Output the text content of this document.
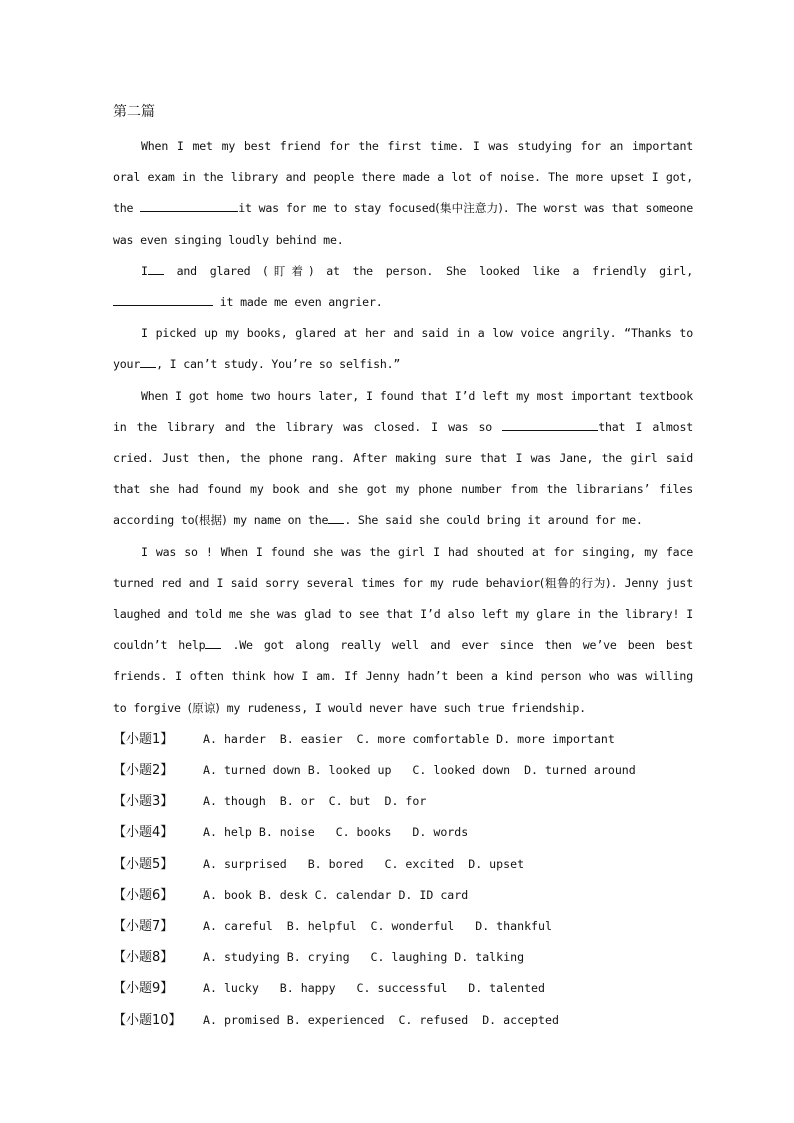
第二篇

When I met my best friend for the first time. I was studying for an important oral exam in the library and people there made a lot of noise. The more upset I got, the	it was for me to stay focused(集中注意力). The worst was that someone was even singing loudly behind me.

I and glared (盯着) at the person. She looked like a friendly girl, it made me even angrier.

I picked up my books, glared at her and said in a low voice angrily. “Thanks to your , I can’t study. You’re so selfish.”

When I got home two hours later, I found that I’d left my most important textbook in the library and the library was closed. I was so	that I almost cried. Just then, the phone rang. After making sure that I was Jane, the girl said that she had found my book and she got my phone number from the librarians’ files according to(根据) my name on the . She said she could bring it around for me.

I was so ! When I found she was the girl I had shouted at for singing, my face turned red and I said sorry several times for my rude behavior(粗鲁的行为). Jenny just laughed and told me she was glad to see that I’d also left my glare in the library! I couldn’t help .We got along really well and ever since then we’ve been best friends. I often think how I am. If Jenny hadn’t been a kind person who was willing to forgive (原谅) my rudeness, I would never have such true friendship.

【小题1】	A. harder  B. easier  C. more comfortable D. more important
【小题2】	A. turned down B. looked up   C. looked down  D. turned around
【小题3】	A. though  B. or  C. but  D. for
【小题4】	A. help B. noise   C. books   D. words
【小题5】	A. surprised   B. bored   C. excited  D. upset
【小题6】	A. book B. desk C. calendar D. ID card
【小题7】	A. careful  B. helpful  C. wonderful   D. thankful
【小题8】	A. studying B. crying   C. laughing D. talking
【小题9】	A. lucky   B. happy   C. successful   D. talented
【小题10】	A. promised B. experienced  C. refused  D. accepted
